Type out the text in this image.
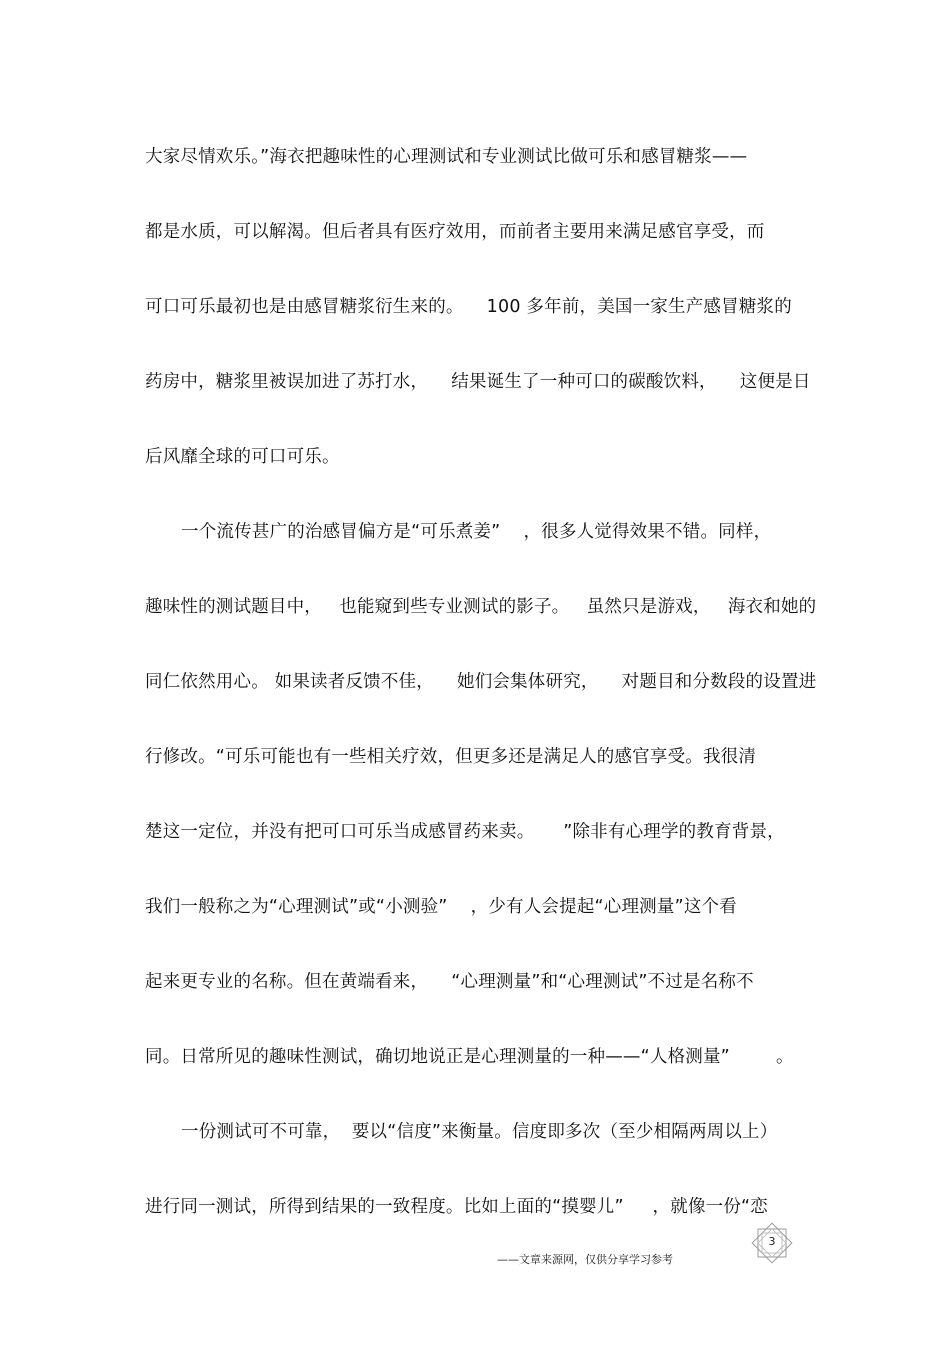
大家尽情欢乐。”海衣把趣味性的心理测试和专业测试比做可乐和感冒糖浆——
都是水质，可以解渴。但后者具有医疗效用，而前者主要用来满足感官享受，而
可口可乐最初也是由感冒糖浆衍生来的。    100 多年前，美国一家生产感冒糖浆的
药房中，糖浆里被误加进了苏打水，    结果诞生了一种可口的碳酸饮料，    这便是日
后风靡全球的可口可乐。
一个流传甚广的治感冒偏方是“可乐煮姜”    ，很多人觉得效果不错。同样，
趣味性的测试题目中，   也能窥到些专业测试的影子。   虽然只是游戏，   海衣和她的
同仁依然用心。 如果读者反馈不佳，    她们会集体研究，    对题目和分数段的设置进
行修改。“可乐可能也有一些相关疗效，但更多还是满足人的感官享受。我很清
楚这一定位，并没有把可口可乐当成感冒药来卖。     ”除非有心理学的教育背景，
我们一般称之为“心理测试”或“小测验”    ，少有人会提起“心理测量”这个看
起来更专业的名称。但在黄端看来，    “心理测量”和“心理测试”不过是名称不
同。日常所见的趣味性测试，确切地说正是心理测量的一种——“人格测量”        。
一份测试可不可靠，  要以“信度”来衡量。信度即多次（至少相隔两周以上）
进行同一测试，所得到结果的一致程度。比如上面的“摸婴儿”     ，就像一份“恋
3
——文章来源网，仅供分享学习参考
